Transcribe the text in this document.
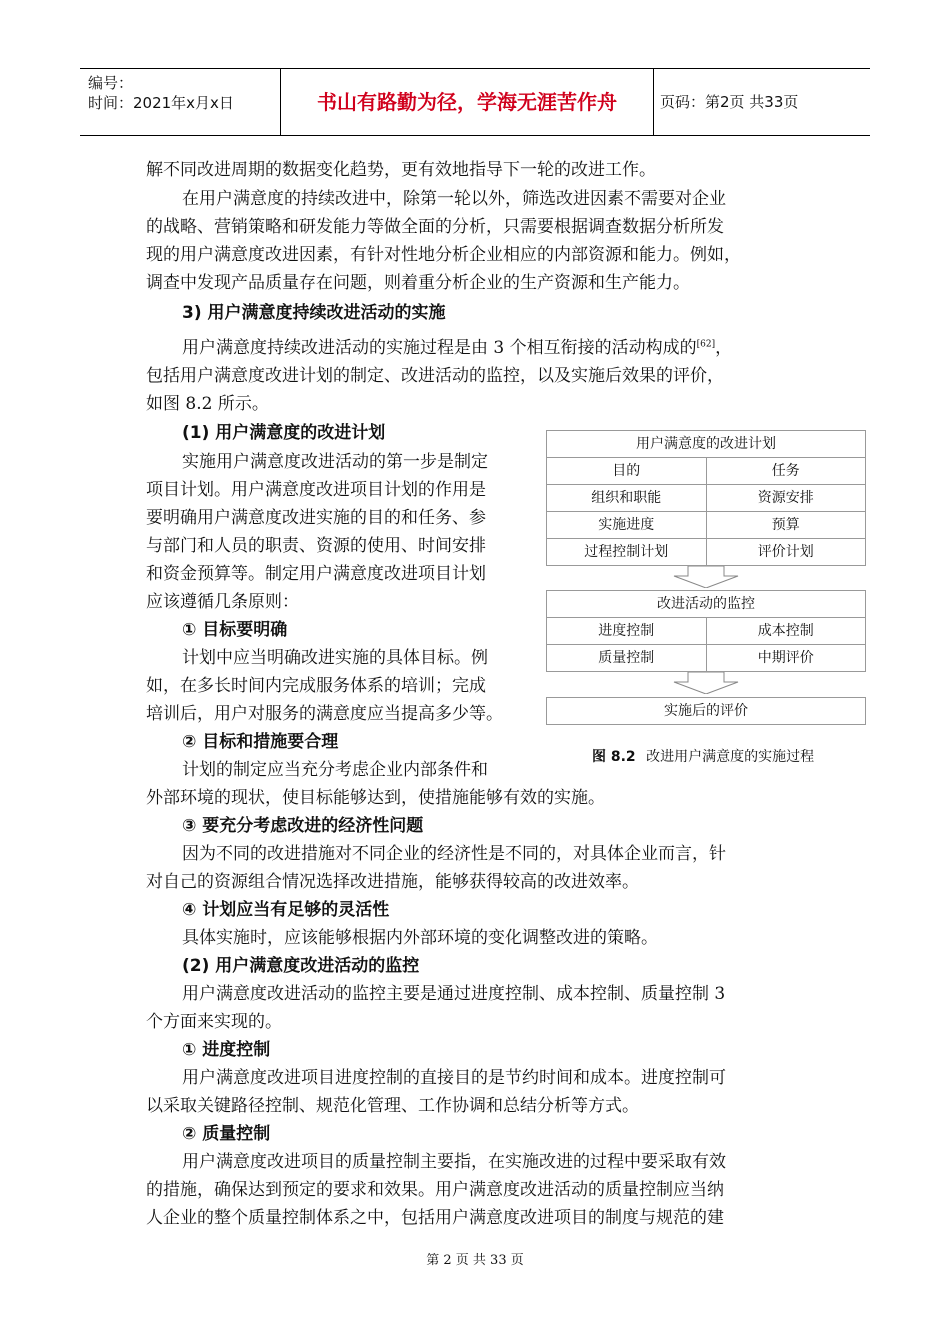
编号：
时间：2021年x月x日	书山有路勤为径，学海无涯苦作舟	页码：第2页 共33页
解不同改进周期的数据变化趋势，更有效地指导下一轮的改进工作。
在用户满意度的持续改进中，除第一轮以外，筛选改进因素不需要对企业
的战略、营销策略和研发能力等做全面的分析，只需要根据调查数据分析所发
现的用户满意度改进因素，有针对性地分析企业相应的内部资源和能力。例如，
调查中发现产品质量存在问题，则着重分析企业的生产资源和生产能力。
3) 用户满意度持续改进活动的实施
用户满意度持续改进活动的实施过程是由 3 个相互衔接的活动构成的[62]，
包括用户满意度改进计划的制定、改进活动的监控，以及实施后效果的评价，
如图 8.2 所示。
(1) 用户满意度的改进计划
实施用户满意度改进活动的第一步是制定
项目计划。用户满意度改进项目计划的作用是
要明确用户满意度改进实施的目的和任务、参
与部门和人员的职责、资源的使用、时间安排
和资金预算等。制定用户满意度改进项目计划
应该遵循几条原则：
① 目标要明确
计划中应当明确改进实施的具体目标。例
如，在多长时间内完成服务体系的培训；完成
培训后，用户对服务的满意度应当提高多少等。
② 目标和措施要合理
计划的制定应当充分考虑企业内部条件和
外部环境的现状，使目标能够达到，使措施能够有效的实施。
③ 要充分考虑改进的经济性问题
因为不同的改进措施对不同企业的经济性是不同的，对具体企业而言，针
对自己的资源组合情况选择改进措施，能够获得较高的改进效率。
④ 计划应当有足够的灵活性
具体实施时，应该能够根据内外部环境的变化调整改进的策略。
(2) 用户满意度改进活动的监控
用户满意度改进活动的监控主要是通过进度控制、成本控制、质量控制 3
个方面来实现的。
① 进度控制
用户满意度改进项目进度控制的直接目的是节约时间和成本。进度控制可
以采取关键路径控制、规范化管理、工作协调和总结分析等方式。
② 质量控制
用户满意度改进项目的质量控制主要指，在实施改进的过程中要采取有效
的措施，确保达到预定的要求和效果。用户满意度改进活动的质量控制应当纳
人企业的整个质量控制体系之中，包括用户满意度改进项目的制度与规范的建
用户满意度的改进计划
目的	任务
组织和职能	资源安排
实施进度	预算
过程控制计划	评价计划
改进活动的监控
进度控制	成本控制
质量控制	中期评价
实施后的评价
图 8.2 改进用户满意度的实施过程
第 2 页 共 33 页
